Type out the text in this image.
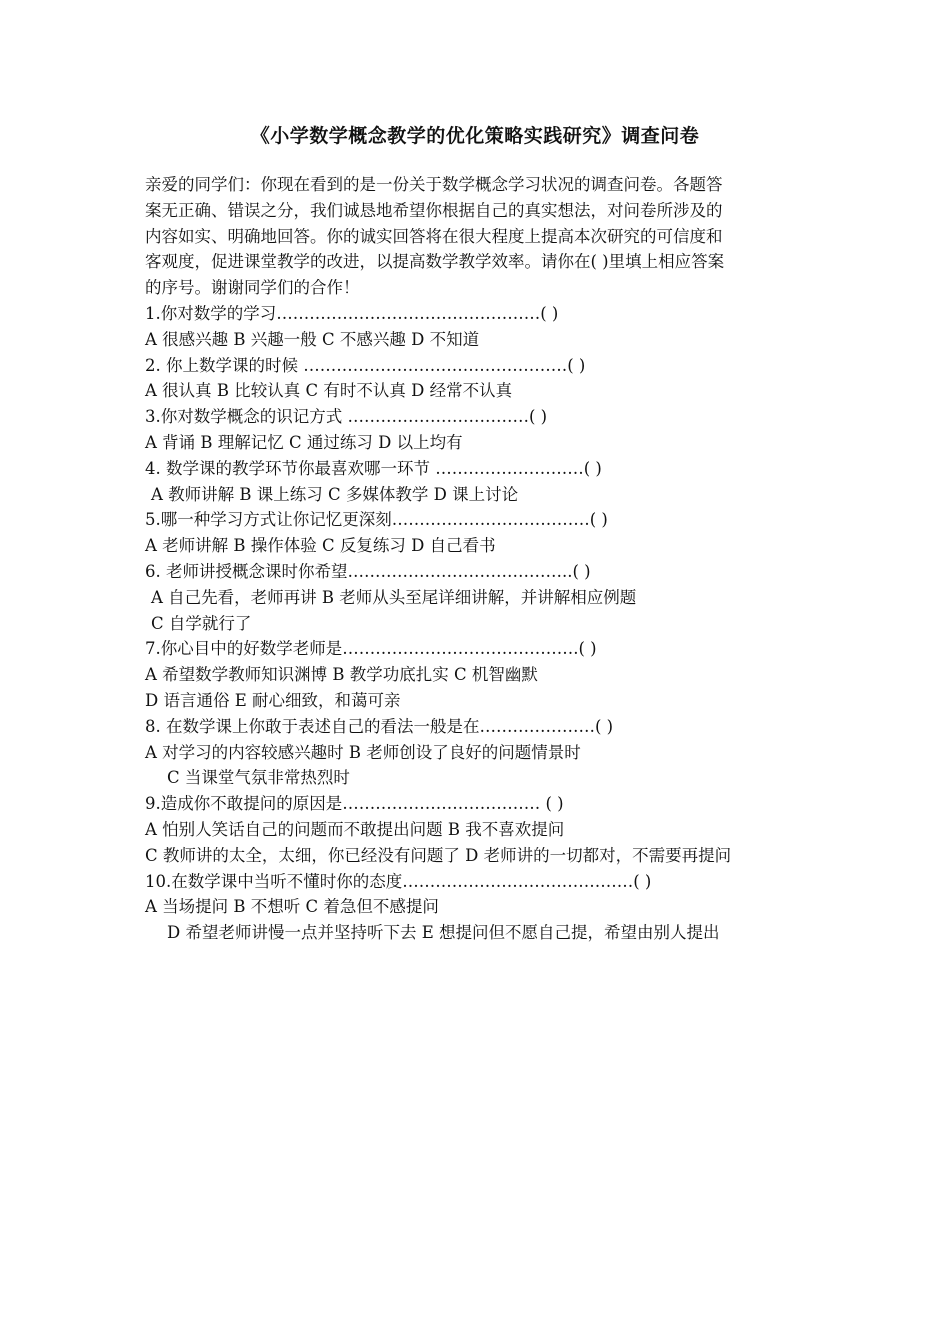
《小学数学概念教学的优化策略实践研究》调查问卷

亲爱的同学们：你现在看到的是一份关于数学概念学习状况的调查问卷。各题答

案无正确、错误之分，我们诚恳地希望你根据自己的真实想法，对问卷所涉及的

内容如实、明确地回答。你的诚实回答将在很大程度上提高本次研究的可信度和

客观度，促进课堂教学的改进，以提高数学教学效率。请你在( )里填上相应答案

的序号。谢谢同学们的合作！

1.你对数学的学习…………………………………………( )

A 很感兴趣 B 兴趣一般 C 不感兴趣 D 不知道

2. 你上数学课的时候 …………………………………………( )

A 很认真 B 比较认真 C 有时不认真 D 经常不认真

3.你对数学概念的识记方式 ……………………………( )

A 背诵 B 理解记忆 C 通过练习 D 以上均有

4. 数学课的教学环节你最喜欢哪一环节 ………………………( )

A 教师讲解 B 课上练习 C 多媒体教学 D 课上讨论

5.哪一种学习方式让你记忆更深刻………………………………( )

A 老师讲解 B 操作体验 C 反复练习 D 自己看书

6. 老师讲授概念课时你希望…………………………………..( )

A 自己先看，老师再讲 B 老师从头至尾详细讲解，并讲解相应例题

C 自学就行了

7.你心目中的好数学老师是…………………………………….( )

A 希望数学教师知识渊博 B 教学功底扎实 C 机智幽默

D 语言通俗 E 耐心细致，和蔼可亲

8. 在数学课上你敢于表述自己的看法一般是在…………………( )

A 对学习的内容较感兴趣时 B 老师创设了良好的问题情景时

C 当课堂气氛非常热烈时

9.造成你不敢提问的原因是……………………………… ( )

A 怕别人笑话自己的问题而不敢提出问题 B 我不喜欢提问

C 教师讲的太全，太细，你已经没有问题了 D 老师讲的一切都对，不需要再提问

10.在数学课中当听不懂时你的态度……………………………………( )

A 当场提问 B 不想听 C 着急但不感提问

D 希望老师讲慢一点并坚持听下去 E 想提问但不愿自己提，希望由别人提出
